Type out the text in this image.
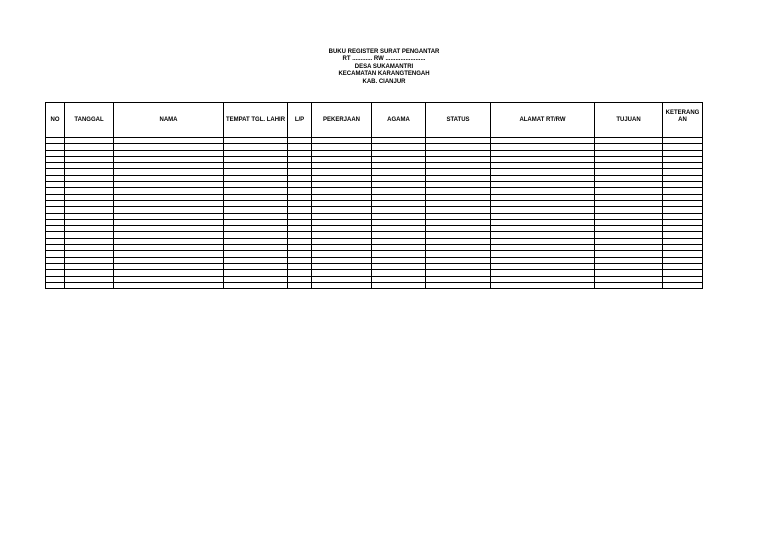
BUKU REGISTER SURAT PENGANTAR
RT ............ RW ........................
DESA SUKAMANTRI
KECAMATAN KARANGTENGAH
KAB. CIANJUR
NO	TANGGAL	NAMA	TEMPAT TGL. LAHIR	L/P	PEKERJAAN	AGAMA	STATUS	ALAMAT RT/RW	TUJUAN	KETERANGAN
